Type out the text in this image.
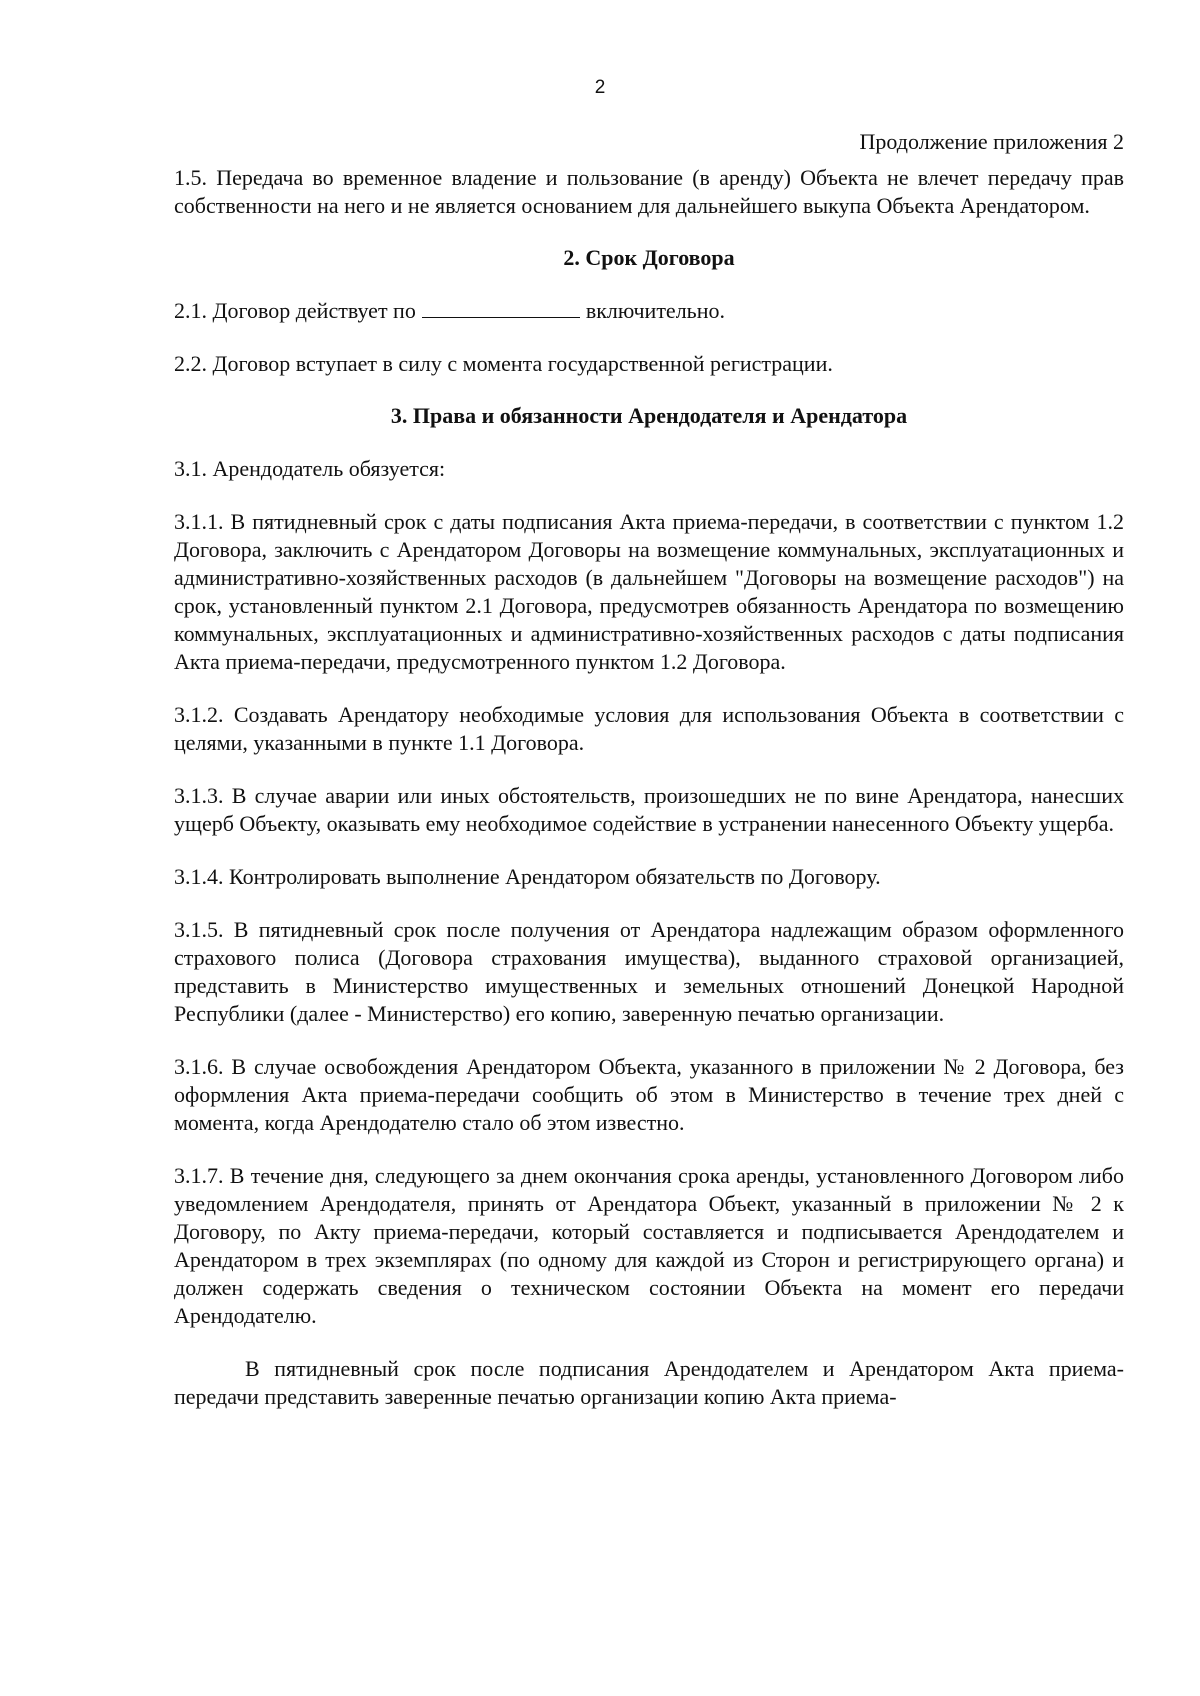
2
Продолжение приложения 2

1.5. Передача во временное владение и пользование (в аренду) Объекта не влечет передачу прав собственности на него и не является основанием для дальнейшего выкупа Объекта Арендатором.

2. Срок Договора

2.1. Договор действует по	включительно.

2.2. Договор вступает в силу с момента государственной регистрации.

3. Права и обязанности Арендодателя и Арендатора

3.1. Арендодатель обязуется:

3.1.1. В пятидневный срок с даты подписания Акта приема-передачи, в соответствии с пунктом 1.2 Договора, заключить с Арендатором Договоры на возмещение коммунальных, эксплуатационных и административно-хозяйственных расходов (в дальнейшем "Договоры на возмещение расходов") на срок, установленный пунктом 2.1 Договора, предусмотрев обязанность Арендатора по возмещению коммунальных, эксплуатационных и административно-хозяйственных расходов с даты подписания Акта приема-передачи, предусмотренного пунктом 1.2 Договора.

3.1.2. Создавать Арендатору необходимые условия для использования Объекта в соответствии с целями, указанными в пункте 1.1 Договора.

3.1.3. В случае аварии или иных обстоятельств, произошедших не по вине Арендатора, нанесших ущерб Объекту, оказывать ему необходимое содействие в устранении нанесенного Объекту ущерба.

3.1.4. Контролировать выполнение Арендатором обязательств по Договору.

3.1.5. В пятидневный срок после получения от Арендатора надлежащим образом оформленного страхового полиса (Договора страхования имущества), выданного страховой организацией, представить в Министерство имущественных и земельных отношений Донецкой Народной Республики (далее - Министерство) его копию, заверенную печатью организации.

3.1.6. В случае освобождения Арендатором Объекта, указанного в приложении № 2 Договора, без оформления Акта приема-передачи сообщить об этом в Министерство в течение трех дней с момента, когда Арендодателю стало об этом известно.

3.1.7. В течение дня, следующего за днем окончания срока аренды, установленного Договором либо уведомлением Арендодателя, принять от Арендатора Объект, указанный в приложении № 2 к Договору, по Акту приема-передачи, который составляется и подписывается Арендодателем и Арендатором в трех экземплярах (по одному для каждой из Сторон и регистрирующего органа) и должен содержать сведения о техническом состоянии Объекта на момент его передачи Арендодателю.

В пятидневный срок после подписания Арендодателем и Арендатором Акта приема-передачи представить заверенные печатью организации копию Акта приема-
